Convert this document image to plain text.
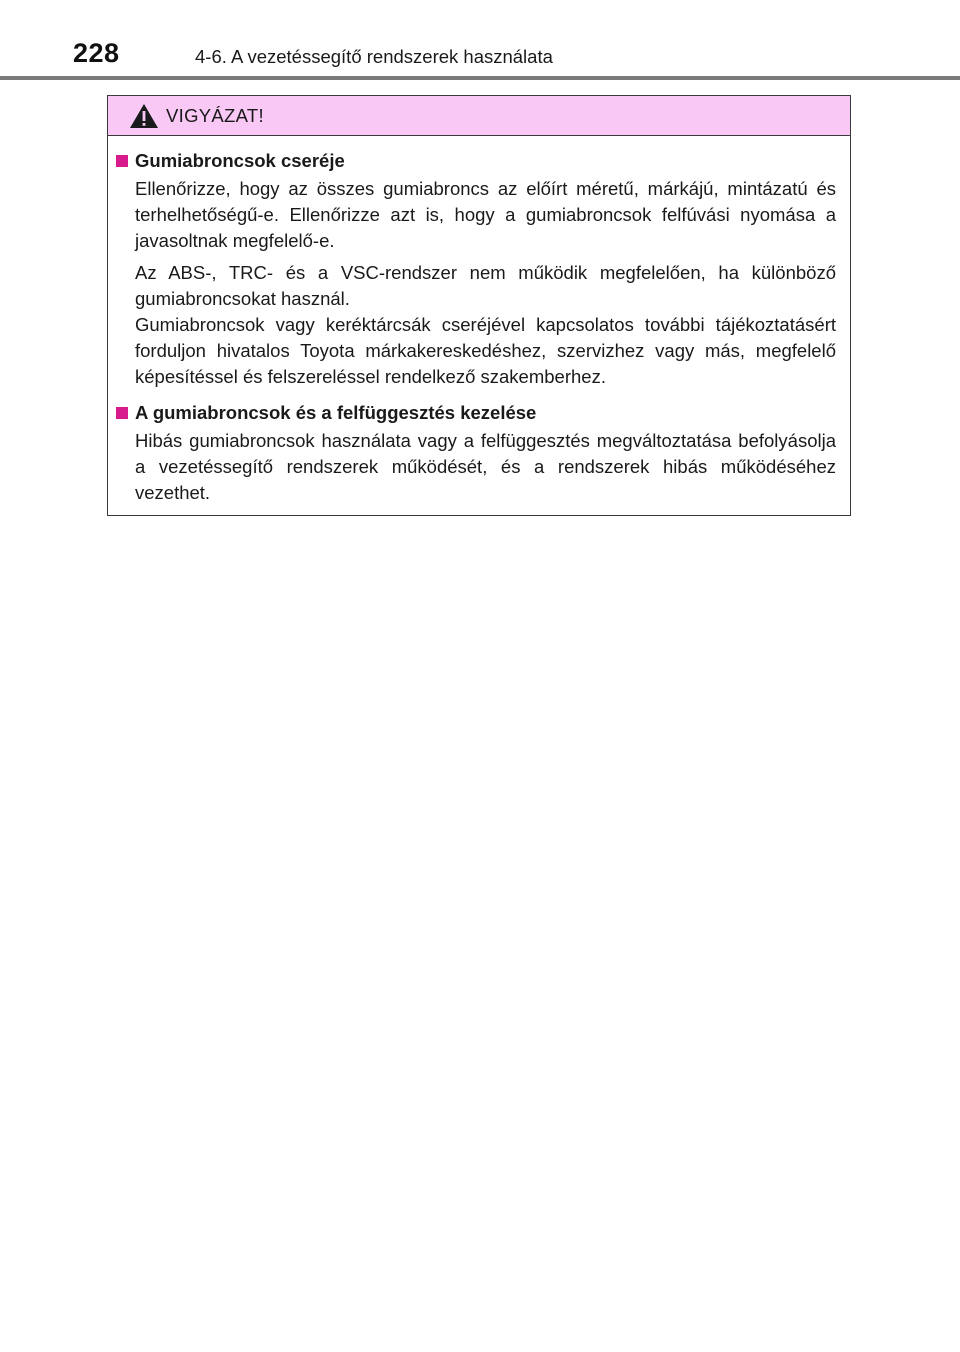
228	4-6. A vezetéssegítő rendszerek használata
VIGYÁZAT!
Gumiabroncsok cseréje
Ellenőrizze, hogy az összes gumiabroncs az előírt méretű, márkájú, mintázatú és terhelhetőségű-e. Ellenőrizze azt is, hogy a gumiabroncsok felfúvási nyomása a javasoltnak megfelelő-e.
Az ABS-, TRC- és a VSC-rendszer nem működik megfelelően, ha különböző gumiabroncsokat használ.
Gumiabroncsok vagy keréktárcsák cseréjével kapcsolatos további tájékoztatásért forduljon hivatalos Toyota márkakereskedéshez, szervizhez vagy más, megfelelő képesítéssel és felszereléssel rendelkező szakemberhez.
A gumiabroncsok és a felfüggesztés kezelése
Hibás gumiabroncsok használata vagy a felfüggesztés megváltoztatása befolyásolja a vezetéssegítő rendszerek működését, és a rendszerek hibás működéséhez vezethet.
